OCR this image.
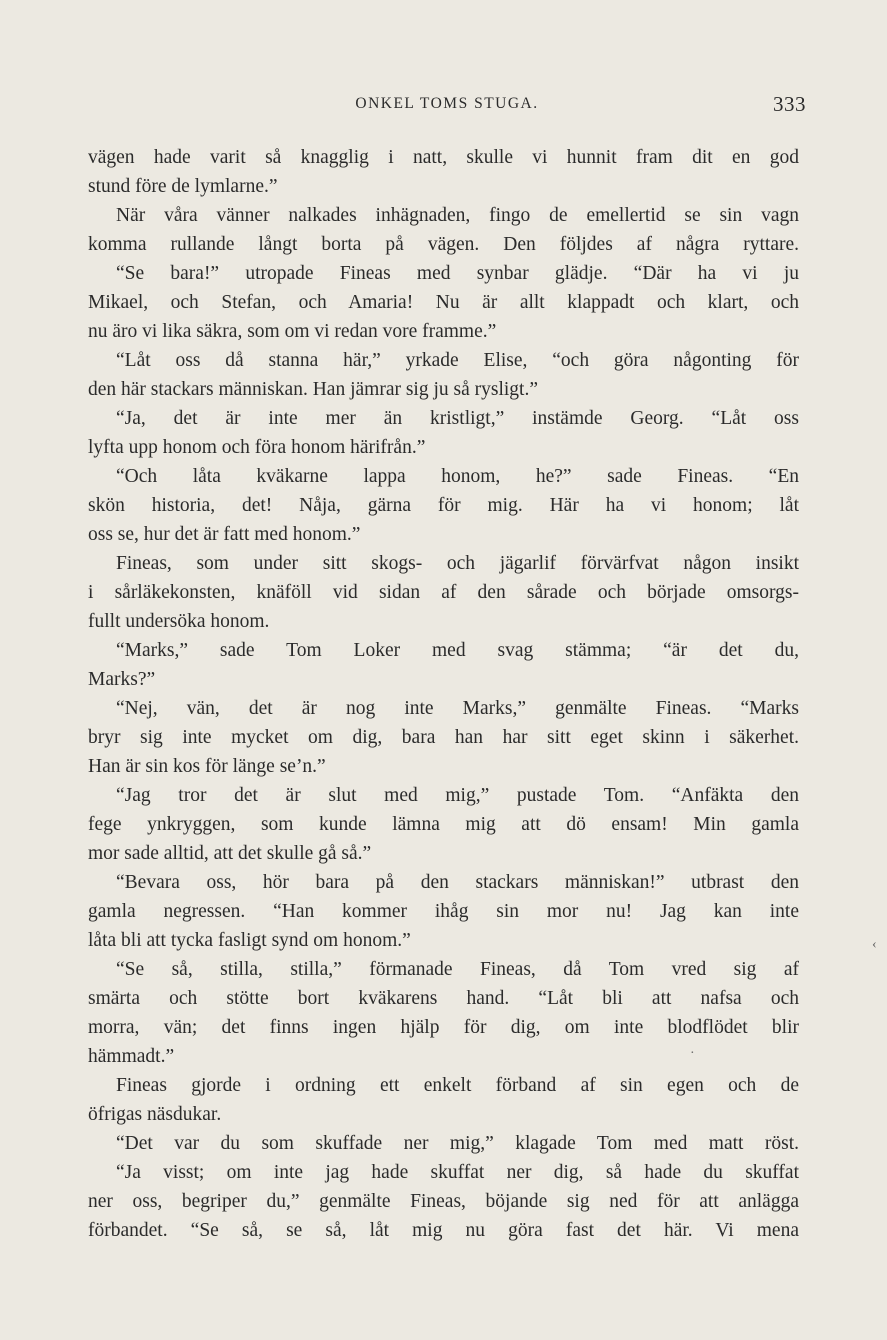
ONKEL TOMS STUGA.	333
vägen hade varit så knagglig i natt, skulle vi hunnit fram dit en god
stund före de lymlarne.”
När våra vänner nalkades inhägnaden, fingo de emellertid se sin vagn
komma rullande långt borta på vägen. Den följdes af några ryttare.
“Se bara!” utropade Fineas med synbar glädje. “Där ha vi ju
Mikael, och Stefan, och Amaria! Nu är allt klappadt och klart, och
nu äro vi lika säkra, som om vi redan vore framme.”
“Låt oss då stanna här,” yrkade Elise, “och göra någonting för
den här stackars människan. Han jämrar sig ju så rysligt.”
“Ja, det är inte mer än kristligt,” instämde Georg. “Låt oss
lyfta upp honom och föra honom härifrån.”
“Och låta kväkarne lappa honom, he?” sade Fineas. “En
skön historia, det! Nåja, gärna för mig. Här ha vi honom; låt
oss se, hur det är fatt med honom.”
Fineas, som under sitt skogs- och jägarlif förvärfvat någon insikt
i sårläkekonsten, knäföll vid sidan af den sårade och började omsorgs-
fullt undersöka honom.
“Marks,” sade Tom Loker med svag stämma; “är det du,
Marks?”
“Nej, vän, det är nog inte Marks,” genmälte Fineas. “Marks
bryr sig inte mycket om dig, bara han har sitt eget skinn i säkerhet.
Han är sin kos för länge se’n.”
“Jag tror det är slut med mig,” pustade Tom. “Anfäkta den
fege ynkryggen, som kunde lämna mig att dö ensam! Min gamla
mor sade alltid, att det skulle gå så.”
“Bevara oss, hör bara på den stackars människan!” utbrast den
gamla negressen. “Han kommer ihåg sin mor nu! Jag kan inte
låta bli att tycka fasligt synd om honom.”
“Se så, stilla, stilla,” förmanade Fineas, då Tom vred sig af
smärta och stötte bort kväkarens hand. “Låt bli att nafsa och
morra, vän; det finns ingen hjälp för dig, om inte blodflödet blir
hämmadt.”
Fineas gjorde i ordning ett enkelt förband af sin egen och de
öfrigas näsdukar.
“Det var du som skuffade ner mig,” klagade Tom med matt röst.
“Ja visst; om inte jag hade skuffat ner dig, så hade du skuffat
ner oss, begriper du,” genmälte Fineas, böjande sig ned för att anlägga
förbandet. “Se så, se så, låt mig nu göra fast det här. Vi mena
‹
·
